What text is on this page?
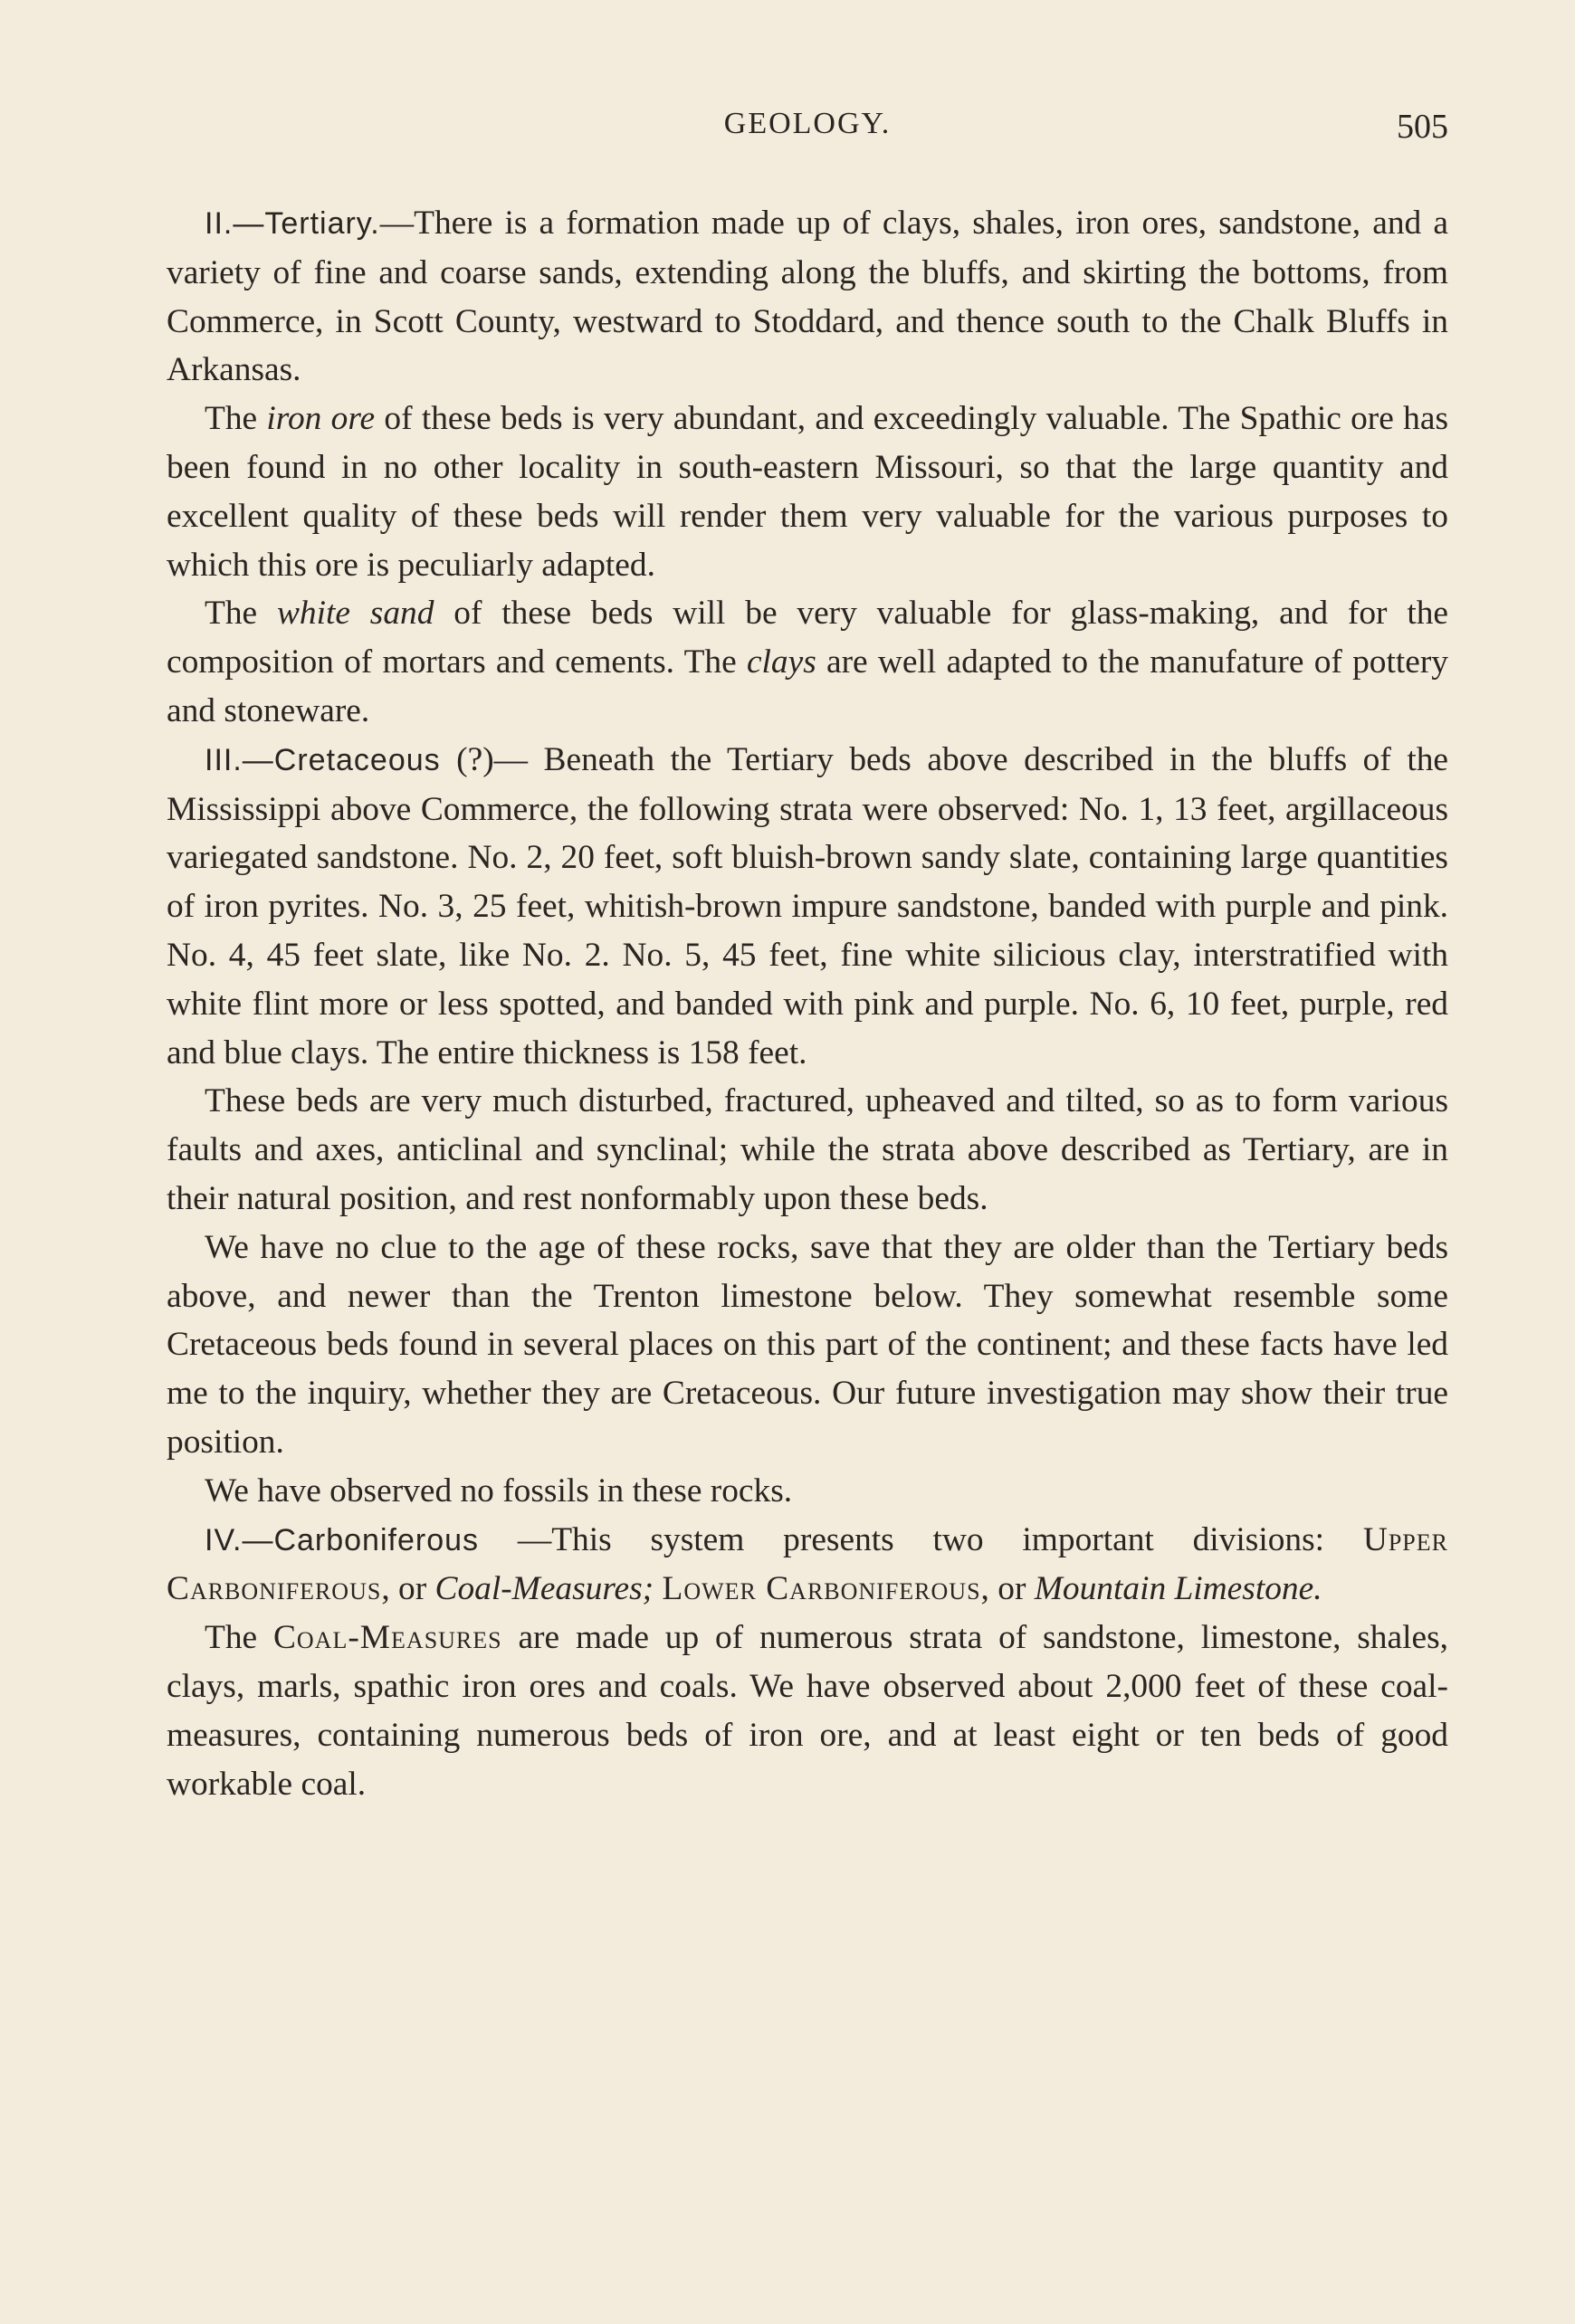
GEOLOGY.	505

II.—Tertiary.—There is a formation made up of clays, shales, iron ores, sandstone, and a variety of fine and coarse sands, extending along the bluffs, and skirting the bottoms, from Commerce, in Scott County, westward to Stoddard, and thence south to the Chalk Bluffs in Arkansas.

The iron ore of these beds is very abundant, and exceedingly valuable. The Spathic ore has been found in no other locality in south-eastern Missouri, so that the large quantity and excellent quality of these beds will render them very valuable for the various purposes to which this ore is peculiarly adapted.

The white sand of these beds will be very valuable for glass-making, and for the composition of mortars and cements. The clays are well adapted to the manufature of pottery and stoneware.

III.—Cretaceous (?)— Beneath the Tertiary beds above described in the bluffs of the Mississippi above Commerce, the following strata were observed: No. 1, 13 feet, argillaceous variegated sandstone. No. 2, 20 feet, soft bluish-brown sandy slate, containing large quantities of iron pyrites. No. 3, 25 feet, whitish-brown impure sandstone, banded with purple and pink. No. 4, 45 feet slate, like No. 2. No. 5, 45 feet, fine white silicious clay, interstratified with white flint more or less spotted, and banded with pink and purple. No. 6, 10 feet, purple, red and blue clays. The entire thickness is 158 feet.

These beds are very much disturbed, fractured, upheaved and tilted, so as to form various faults and axes, anticlinal and synclinal; while the strata above described as Tertiary, are in their natural position, and rest nonformably upon these beds.

We have no clue to the age of these rocks, save that they are older than the Tertiary beds above, and newer than the Trenton limestone below. They somewhat resemble some Cretaceous beds found in several places on this part of the continent; and these facts have led me to the inquiry, whether they are Cretaceous. Our future investigation may show their true position.

We have observed no fossils in these rocks.

IV.—Carboniferous —This system presents two important divisions: Upper Carboniferous, or Coal-Measures; Lower Carboniferous, or Mountain Limestone.

The Coal-Measures are made up of numerous strata of sandstone, limestone, shales, clays, marls, spathic iron ores and coals. We have observed about 2,000 feet of these coal-measures, containing numerous beds of iron ore, and at least eight or ten beds of good workable coal.
